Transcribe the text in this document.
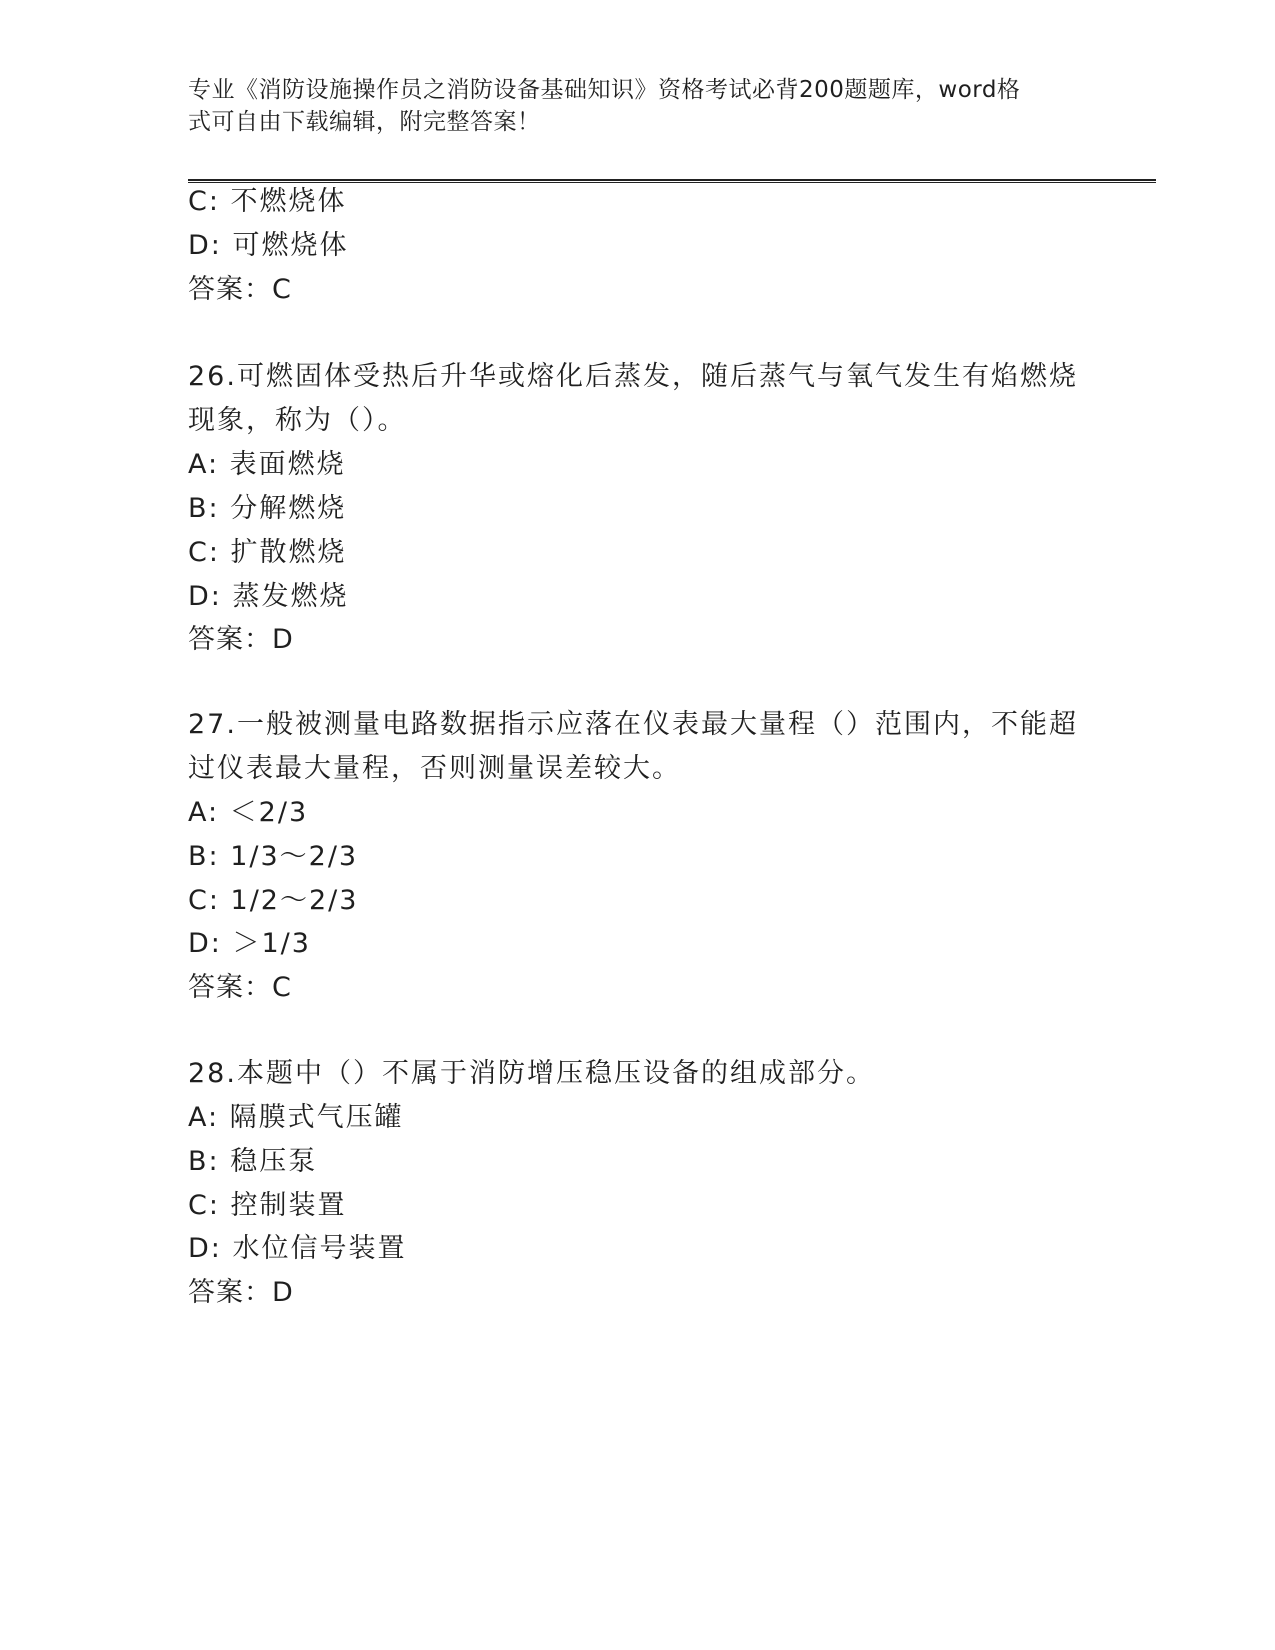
专业《消防设施操作员之消防设备基础知识》资格考试必背200题题库，word格
式可自由下载编辑，附完整答案！
C: 不燃烧体
D: 可燃烧体
答案：C
26.可燃固体受热后升华或熔化后蒸发，随后蒸气与氧气发生有焰燃烧
现象，称为（）。
A: 表面燃烧
B: 分解燃烧
C: 扩散燃烧
D: 蒸发燃烧
答案：D
27.一般被测量电路数据指示应落在仪表最大量程（）范围内，不能超
过仪表最大量程，否则测量误差较大。
A: ＜2/3
B: 1/3～2/3
C: 1/2～2/3
D: ＞1/3
答案：C
28.本题中（）不属于消防增压稳压设备的组成部分。
A: 隔膜式气压罐
B: 稳压泵
C: 控制装置
D: 水位信号装置
答案：D
